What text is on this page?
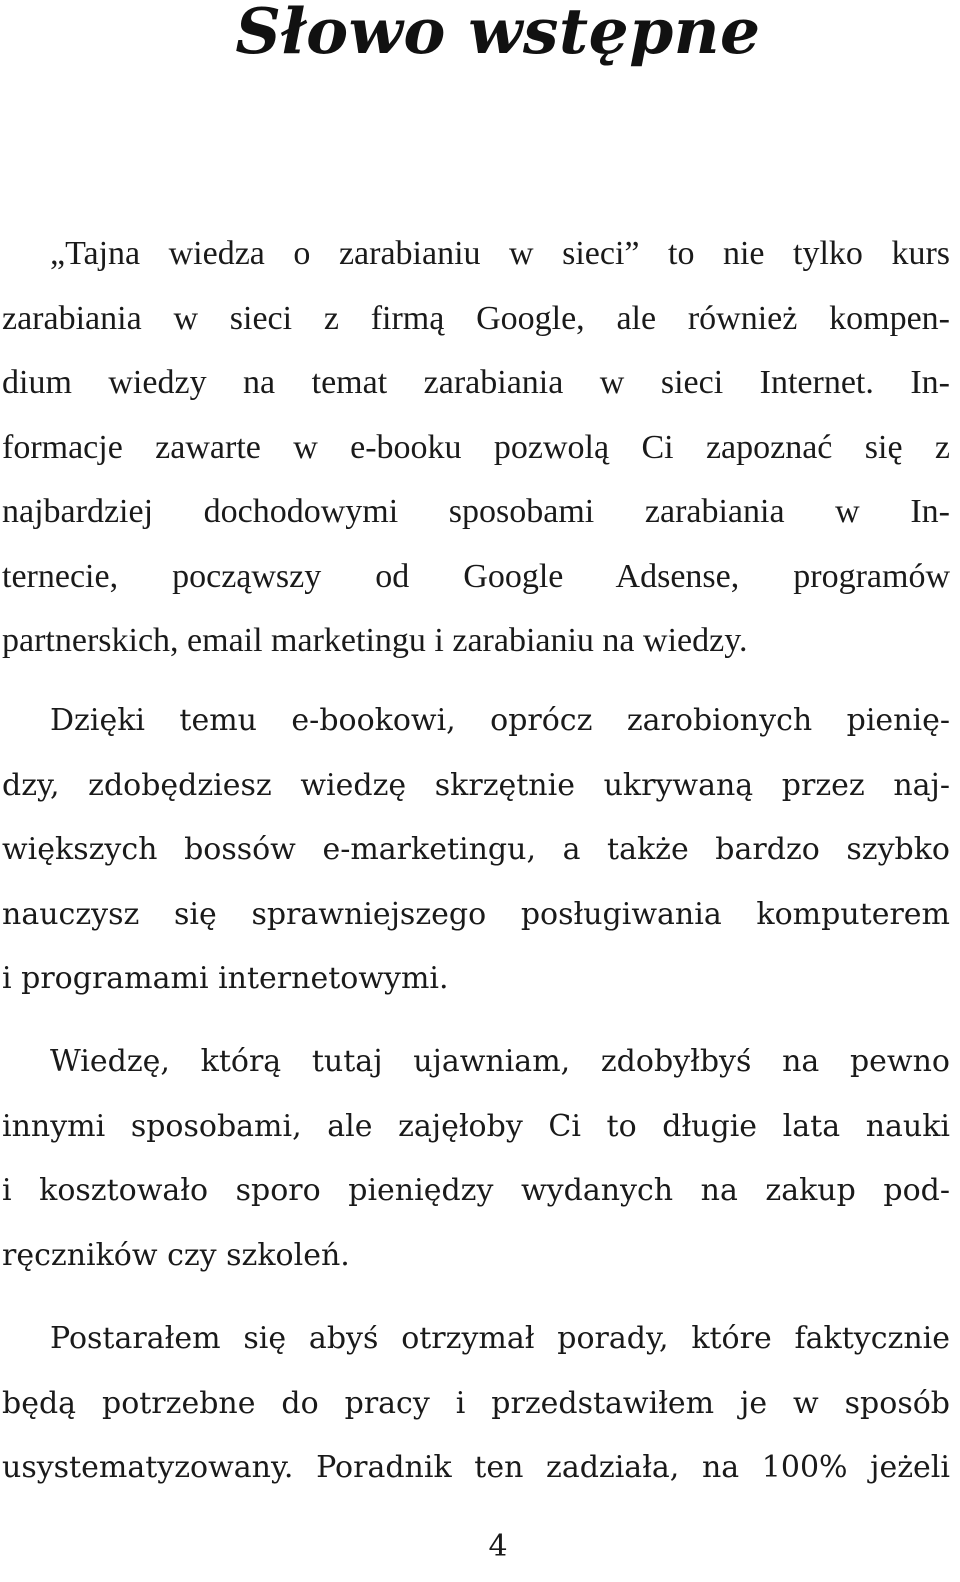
Słowo wstępne

„Tajna wiedza o zarabianiu w sieci” to nie tylko kurs
zarabiania w sieci z firmą Google, ale również kompen-
dium wiedzy na temat zarabiania w sieci Internet. In-
formacje zawarte w e-booku pozwolą Ci zapoznać się z
najbardziej dochodowymi sposobami zarabiania w In-
ternecie, począwszy od Google Adsense, programów
partnerskich, email marketingu i zarabianiu na wiedzy.

Dzięki temu e-bookowi, oprócz zarobionych pienię-
dzy, zdobędziesz wiedzę skrzętnie ukrywaną przez naj-
większych bossów e-marketingu, a także bardzo szybko
nauczysz się sprawniejszego posługiwania komputerem
i programami internetowymi.

Wiedzę, którą tutaj ujawniam, zdobyłbyś na pewno
innymi sposobami, ale zajęłoby Ci to długie lata nauki
i kosztowało sporo pieniędzy wydanych na zakup pod-
ręczników czy szkoleń.

Postarałem się abyś otrzymał porady, które faktycznie
będą potrzebne do pracy i przedstawiłem je w sposób
usystematyzowany. Poradnik ten zadziała, na 100% jeżeli

4
